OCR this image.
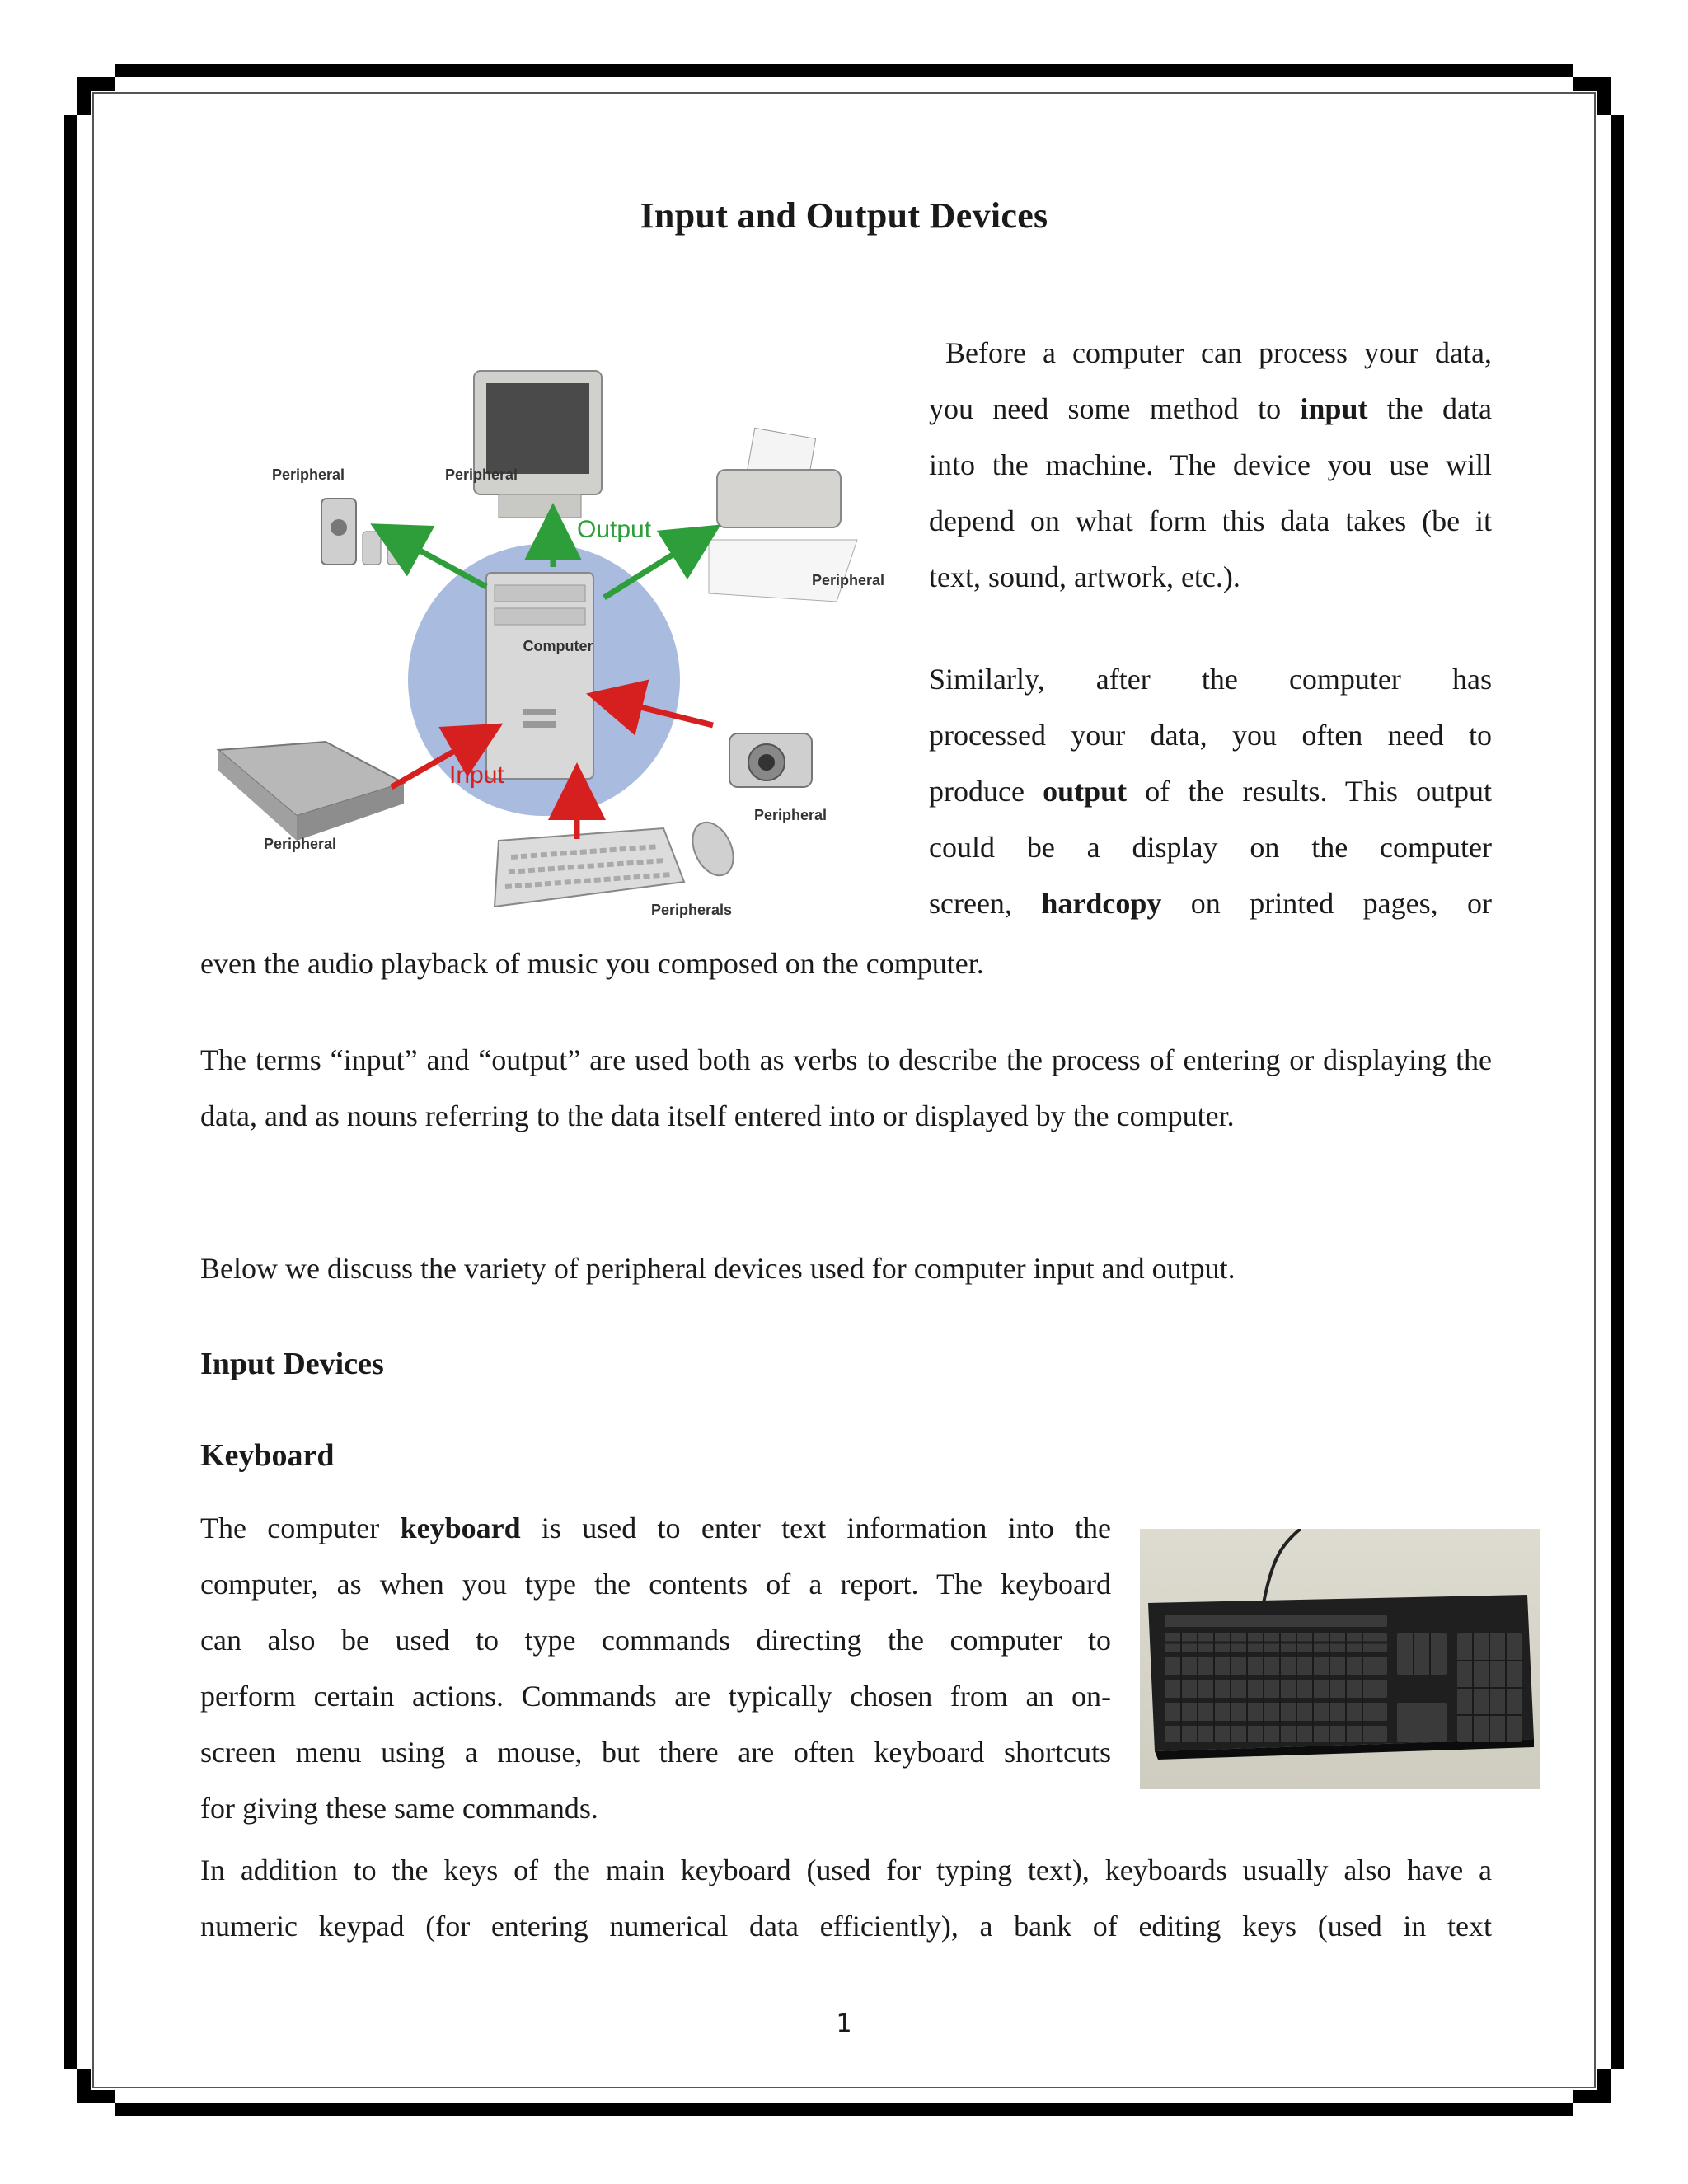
Input and Output Devices
Computer
Peripheral
Peripheral
Peripheral
Peripheral
Peripheral
Peripherals
Output
Input

Before a computer can process your data,

you need some method to input the data

into the machine. The device you use will

depend on what form this data takes (be it

text, sound, artwork, etc.).

Similarly, after the computer has

processed your data, you often need to

produce output of the results. This output

could be a display on the computer

screen, hardcopy on printed pages, or

even the audio playback of music you composed on the computer.

The terms “input” and “output” are used both as verbs to describe the process of entering or displaying the data, and as nouns referring to the data itself entered into or displayed by the computer.

Below we discuss the variety of peripheral devices used for computer input and output.

Input Devices
Keyboard

The computer keyboard is used to enter text information into the

computer, as when you type the contents of a report. The keyboard

can also be used to type commands directing the computer to

perform certain actions. Commands are typically chosen from an on-

screen menu using a mouse, but there are often keyboard shortcuts

for giving these same commands.

In addition to the keys of the main keyboard (used for typing text), keyboards usually also have a

numeric keypad (for entering numerical data efficiently), a bank of editing keys (used in text

1
